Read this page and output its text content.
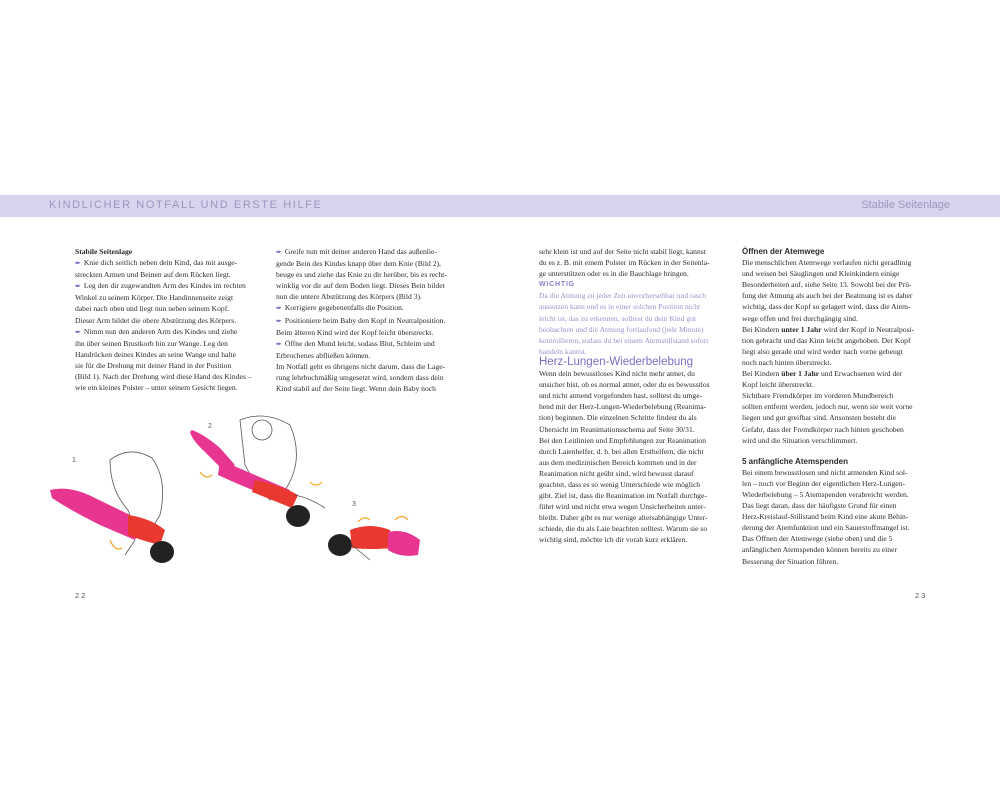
KINDLICHER NOTFALL UND ERSTE HILFE	Stabile Seitenlage

Stabile Seitenlage

➨ Knie dich seitlich neben dein Kind, das mit ausge-

streckten Armen und Beinen auf dem Rücken liegt.

➨ Leg den dir zugewandten Arm des Kindes im rechten

Winkel zu seinem Körper. Die Handinnenseite zeigt

dabei nach oben und liegt nun neben seinem Kopf.

Dieser Arm bildet die obere Abstützung des Körpers.

➨ Nimm nun den anderen Arm des Kindes und ziehe

ihn über seinen Brustkorb hin zur Wange. Leg den

Handrücken deines Kindes an seine Wange und halte

sie für die Drehung mit deiner Hand in der Position

(Bild 1). Nach der Drehung wird diese Hand des Kindes –

wie ein kleines Polster – unter seinem Gesicht liegen.

➨ Greife nun mit deiner anderen Hand das außenlie-

gende Bein des Kindes knapp über dem Knie (Bild 2),

beuge es und ziehe das Knie zu dir herüber, bis es recht-

winklig vor dir auf dem Boden liegt. Dieses Bein bildet

nun die untere Abstützung des Körpers (Bild 3).

➨ Korrigiere gegebenenfalls die Position.

➨ Positioniere beim Baby den Kopf in Neutralposition.

Beim älteren Kind wird der Kopf leicht überstreckt.

➨ Öffne den Mund leicht, sodass Blut, Schleim und

Erbrochenes abfließen können.

Im Notfall geht es übrigens nicht darum, dass die Lage-

rung lehrbuchmäßig umgesetzt wird, sondern dass dein

Kind stabil auf der Seite liegt. Wenn dein Baby noch

1
2
3
22

sehr klein ist und auf der Seite nicht stabil liegt, kannst

du es z. B. mit einem Polster im Rücken in der Seitenla-

ge unterstützen oder es in die Bauchlage bringen.

WICHTIG

Da die Atmung zu jeder Zeit unvorhersehbar und rasch

aussetzen kann und es in einer solchen Position nicht

leicht ist, das zu erkennen, solltest du dein Kind gut

beobachten und die Atmung fortlaufend (jede Minute)

kontrollieren, sodass du bei einem Atemstillstand sofort

handeln kannst.

Herz-Lungen-Wiederbelebung

Wenn dein bewusstloses Kind nicht mehr atmet, du

unsicher bist, ob es normal atmet, oder du es bewusstlos

und nicht atmend vorgefunden hast, solltest du umge-

hend mit der Herz-Lungen-Wiederbelebung (Reanima-

tion) beginnen. Die einzelnen Schritte findest du als

Übersicht im Reanimationsschema auf Seite 30/31.

Bei den Leitlinien und Empfehlungen zur Reanimation

durch Laienhelfer, d. h. bei allen Ersthelfern, die nicht

aus dem medizinischen Bereich kommen und in der

Reanimation nicht geübt sind, wird bewusst darauf

geachtet, dass es so wenig Unterschiede wie möglich

gibt. Ziel ist, dass die Reanimation im Notfall durchge-

führt wird und nicht etwa wegen Unsicherheiten unter-

bleibt. Daher gibt es nur wenige altersabhängige Unter-

schiede, die du als Laie beachten solltest. Warum sie so

wichtig sind, möchte ich dir vorab kurz erklären.

Öffnen der Atemwege

Die menschlichen Atemwege verlaufen nicht geradlinig

und weisen bei Säuglingen und Kleinkindern einige

Besonderheiten auf, siehe Seite 13. Sowohl bei der Prü-

fung der Atmung als auch bei der Beatmung ist es daher

wichtig, dass der Kopf so gelagert wird, dass die Atem-

wege offen und frei durchgängig sind.

Bei Kindern unter 1 Jahr wird der Kopf in Neutralposi-

tion gebracht und das Kinn leicht angehoben. Der Kopf

liegt also gerade und wird weder nach vorne gebeugt

noch nach hinten überstreckt.

Bei Kindern über 1 Jahr und Erwachsenen wird der

Kopf leicht überstreckt.

Sichtbare Fremdkörper im vorderen Mundbereich

sollten entfernt werden, jedoch nur, wenn sie weit vorne

liegen und gut greifbar sind. Ansonsten besteht die

Gefahr, dass der Fremdkörper nach hinten geschoben

wird und die Situation verschlimmert.

5 anfängliche Atemspenden

Bei einem bewusstlosen und nicht atmenden Kind sol-

len – noch vor Beginn der eigentlichen Herz-Lungen-

Wiederbelebung – 5 Atemspenden verabreicht werden.

Das liegt daran, dass der häufigste Grund für einen

Herz-Kreislauf-Stillstand beim Kind eine akute Behin-

derung der Atemfunktion und ein Sauerstoffmangel ist.

Das Öffnen der Atemwege (siehe oben) und die 5

anfänglichen Atemspenden können bereits zu einer

Besserung der Situation führen.

23
